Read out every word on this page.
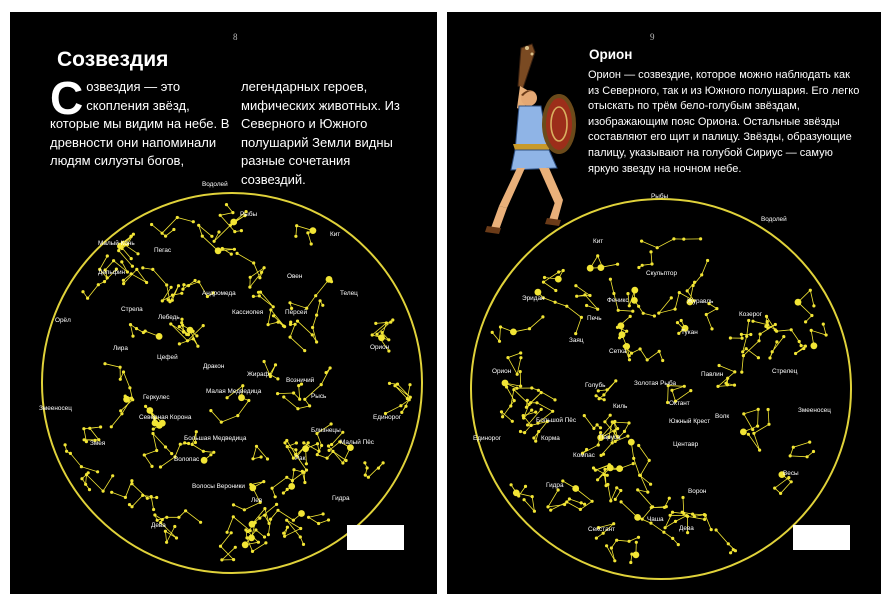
8
Созвездия
Созвездия — это скопления звёзд, которые мы видим на небе. В древности они напоминали людям силуэты богов,
легендарных героев, мифических животных. Из Северного и Южного полушарий Земли видны разные сочетания созвездий.
Водолей
Рыбы
Малый Конь
Пегас
Кит
Дельфин
Овен
Стрела
Андромеда	Телец
Орёл	Лебедь
Кассиопея	Персей
Лира
Цефей
Дракон
Орион
Жираф
Малая Медведица
Возничий
Змееносец
Геркулес
Северная Корона
Рысь
Единорог
Большая Медведица
Близнецы
Змея	Малый Пёс
Волопас	Рак
Волосы Вероники
Гидра
Лев
Дева
9
Орион
Орион — созвездие, которое можно наблюдать как из Северного, так и из Южного полушария. Его легко отыскать по трём бело-голубым звёздам, изображающим пояс Ориона. Остальные звёзды составляют его щит и палицу. Звёзды, образующие палицу, указывают на голубой Сириус — самую яркую звезду на ночном небе.
Рыбы
Кит
Водолей
Скульптор
Эридан	Феникс	Журавль
Козерог
Печь
Заяц
Тукан
Сетка
Орион
Голубь	Золотая Рыба
Павлин	Стрелец
Киль	Октант
Большой Пёс	Южный Крест
Волк
Змееносец
Корма	Паруса
Единорог
Центавр
Компас
Весы
Гидра
Ворон
Секстант
Чаша
Дева
